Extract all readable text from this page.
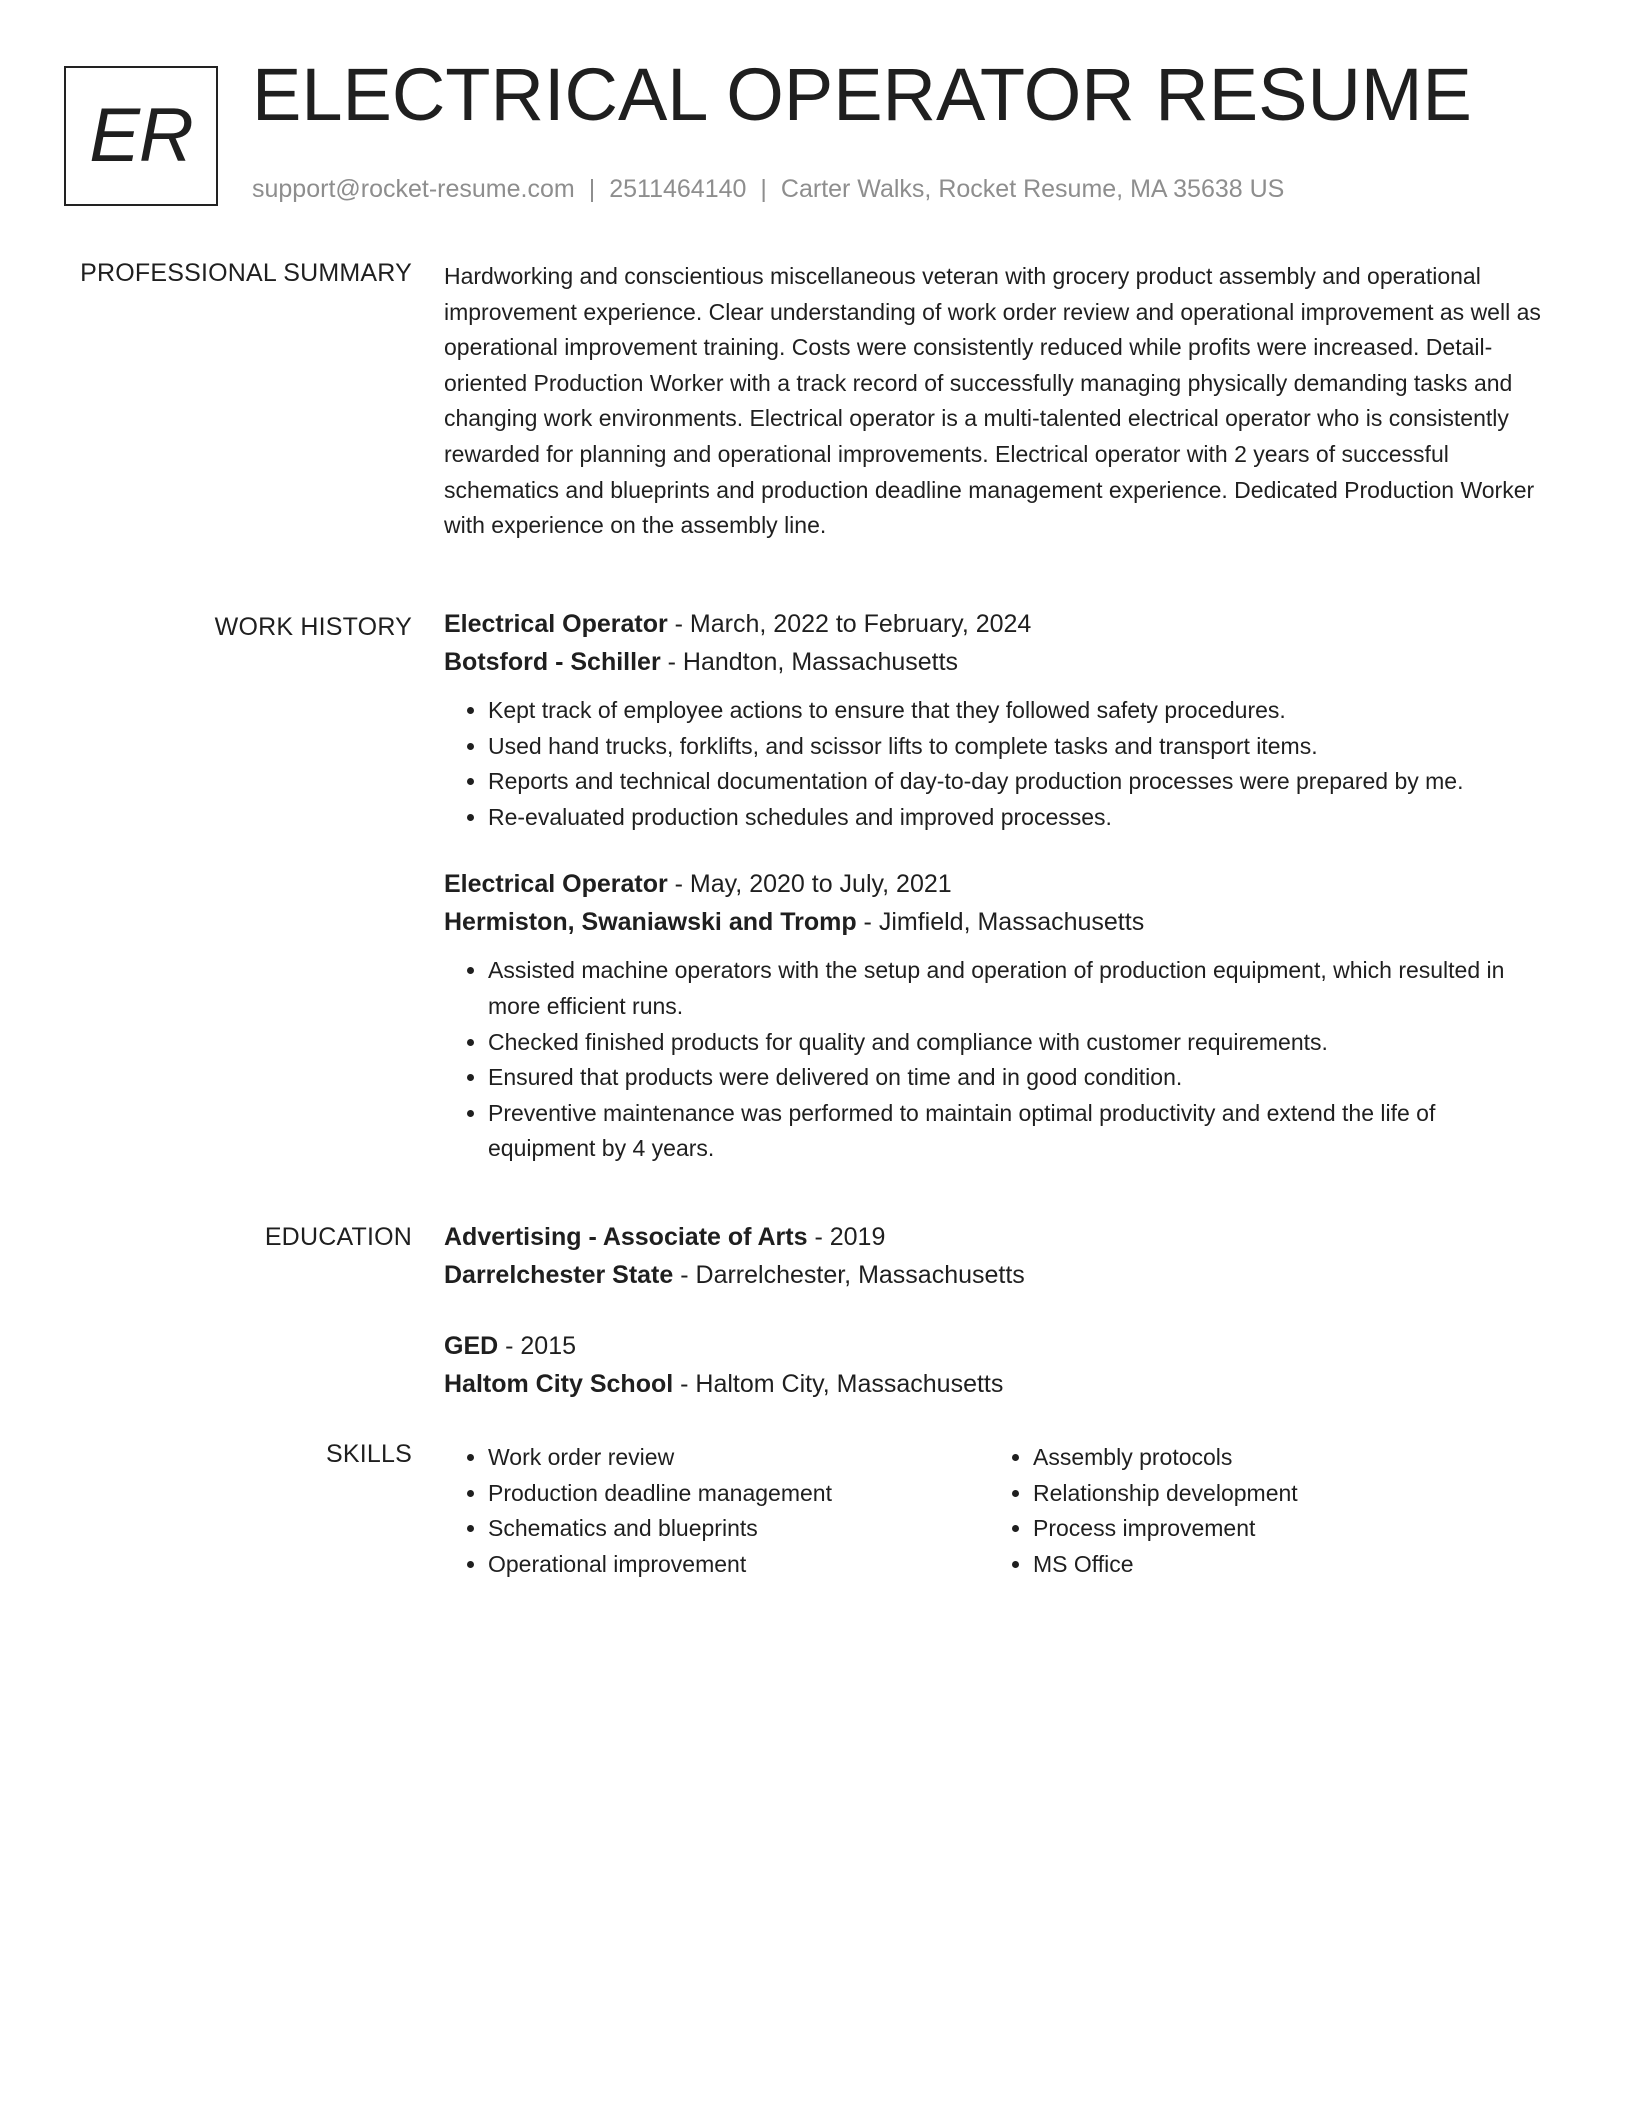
ER ELECTRICAL OPERATOR RESUME
support@rocket-resume.com | 2511464140 | Carter Walks, Rocket Resume, MA 35638 US
PROFESSIONAL SUMMARY Hardworking and conscientious miscellaneous veteran with grocery product assembly and operational improvement experience. Clear understanding of work order review and operational improvement as well as operational improvement training. Costs were consistently reduced while profits were increased. Detail-oriented Production Worker with a track record of successfully managing physically demanding tasks and changing work environments. Electrical operator is a multi-talented electrical operator who is consistently rewarded for planning and operational improvements. Electrical operator with 2 years of successful schematics and blueprints and production deadline management experience. Dedicated Production Worker with experience on the assembly line.

WORK HISTORY Electrical Operator - March, 2022 to February, 2024
Botsford - Schiller - Handton, Massachusetts
• Kept track of employee actions to ensure that they followed safety procedures.
• Used hand trucks, forklifts, and scissor lifts to complete tasks and transport items.
• Reports and technical documentation of day-to-day production processes were prepared by me.
• Re-evaluated production schedules and improved processes.
Electrical Operator - May, 2020 to July, 2021
Hermiston, Swaniawski and Tromp - Jimfield, Massachusetts
• Assisted machine operators with the setup and operation of production equipment, which resulted in more efficient runs.
• Checked finished products for quality and compliance with customer requirements.
• Ensured that products were delivered on time and in good condition.
• Preventive maintenance was performed to maintain optimal productivity and extend the life of equipment by 4 years.
EDUCATION Advertising - Associate of Arts - 2019
Darrelchester State - Darrelchester, Massachusetts
GED - 2015
Haltom City School - Haltom City, Massachusetts
SKILLS
•	Work order review
• Production deadline management
• Schematics and blueprints
• Operational improvement
• Assembly protocols
• Relationship development
• Process improvement
• MS Office
